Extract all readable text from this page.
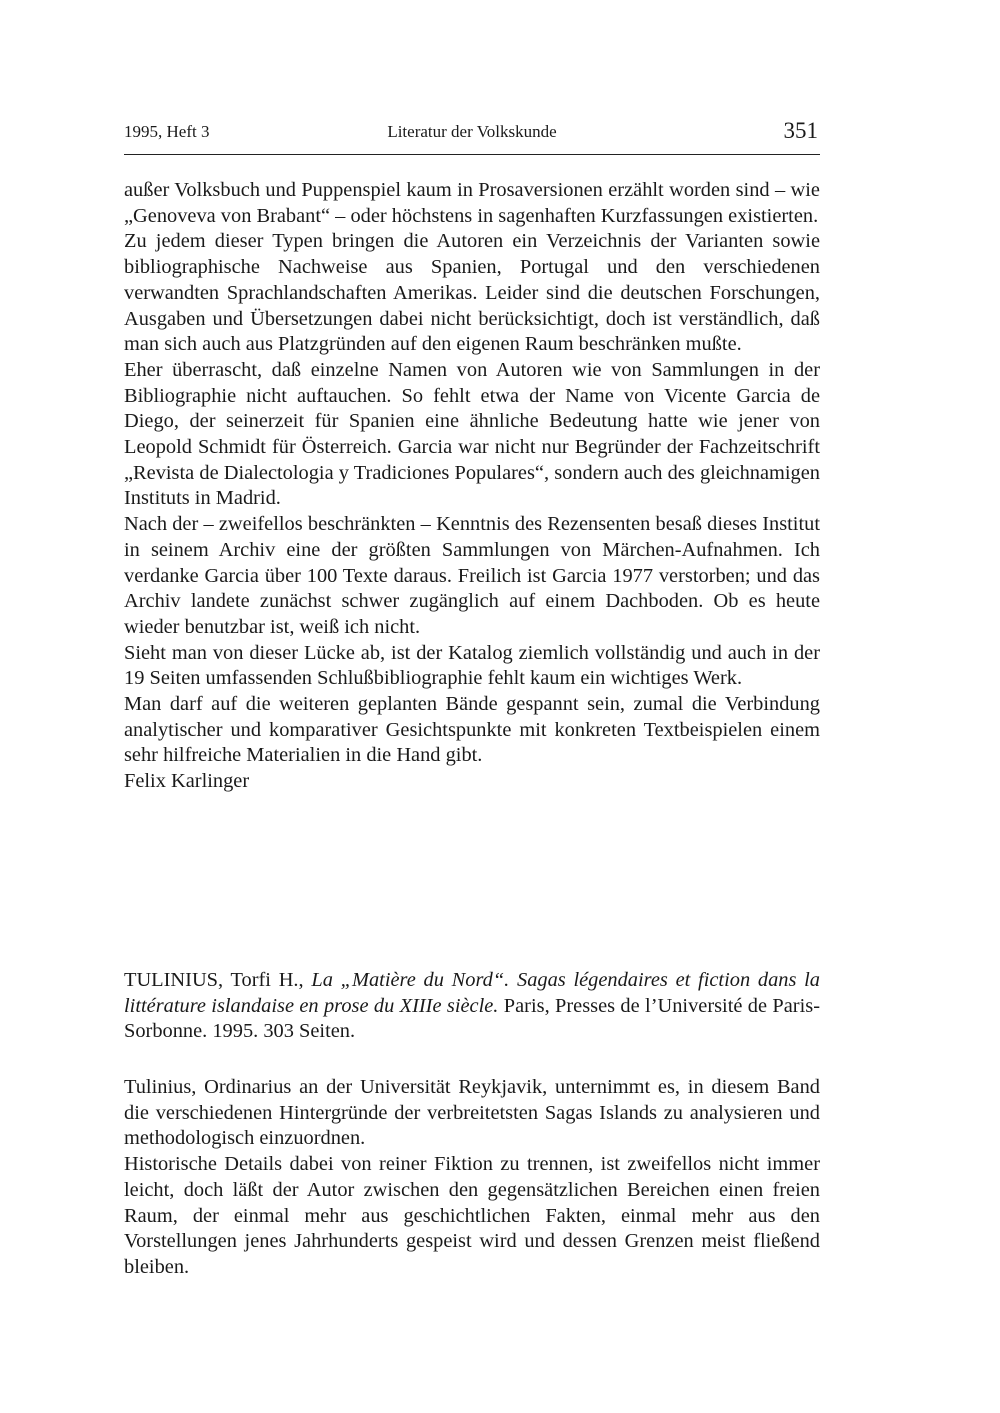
1995, Heft 3	Literatur der Volkskunde	351

außer Volksbuch und Puppenspiel kaum in Prosaversionen erzählt worden sind – wie „Genoveva von Brabant“ – oder höchstens in sagenhaften Kurzfassungen existierten.

Zu jedem dieser Typen bringen die Autoren ein Verzeichnis der Varianten sowie bibliographische Nachweise aus Spanien, Portugal und den verschiedenen verwandten Sprachlandschaften Amerikas. Leider sind die deutschen Forschungen, Ausgaben und Übersetzungen dabei nicht berücksichtigt, doch ist verständlich, daß man sich auch aus Platzgründen auf den eigenen Raum beschränken mußte.

Eher überrascht, daß einzelne Namen von Autoren wie von Sammlungen in der Bibliographie nicht auftauchen. So fehlt etwa der Name von Vicente Garcia de Diego, der seinerzeit für Spanien eine ähnliche Bedeutung hatte wie jener von Leopold Schmidt für Österreich. Garcia war nicht nur Begründer der Fachzeitschrift „Revista de Dialectologia y Tradiciones Populares“, sondern auch des gleichnamigen Instituts in Madrid.

Nach der – zweifellos beschränkten – Kenntnis des Rezensenten besaß dieses Institut in seinem Archiv eine der größten Sammlungen von Märchen-Aufnahmen. Ich verdanke Garcia über 100 Texte daraus. Freilich ist Garcia 1977 verstorben; und das Archiv landete zunächst schwer zugänglich auf einem Dachboden. Ob es heute wieder benutzbar ist, weiß ich nicht.

Sieht man von dieser Lücke ab, ist der Katalog ziemlich vollständig und auch in der 19 Seiten umfassenden Schlußbibliographie fehlt kaum ein wichtiges Werk.

Man darf auf die weiteren geplanten Bände gespannt sein, zumal die Verbindung analytischer und komparativer Gesichtspunkte mit konkreten Textbeispielen einem sehr hilfreiche Materialien in die Hand gibt.

Felix Karlinger

TULINIUS, Torfi H., La „Matière du Nord“. Sagas légendaires et fiction dans la littérature islandaise en prose du XIIIe siècle. Paris, Presses de l’Université de Paris-Sorbonne. 1995. 303 Seiten.

Tulinius, Ordinarius an der Universität Reykjavik, unternimmt es, in diesem Band die verschiedenen Hintergründe der verbreitetsten Sagas Islands zu analysieren und methodologisch einzuordnen.

Historische Details dabei von reiner Fiktion zu trennen, ist zweifellos nicht immer leicht, doch läßt der Autor zwischen den gegensätzlichen Bereichen einen freien Raum, der einmal mehr aus geschichtlichen Fakten, einmal mehr aus den Vorstellungen jenes Jahrhunderts gespeist wird und dessen Grenzen meist fließend bleiben.
